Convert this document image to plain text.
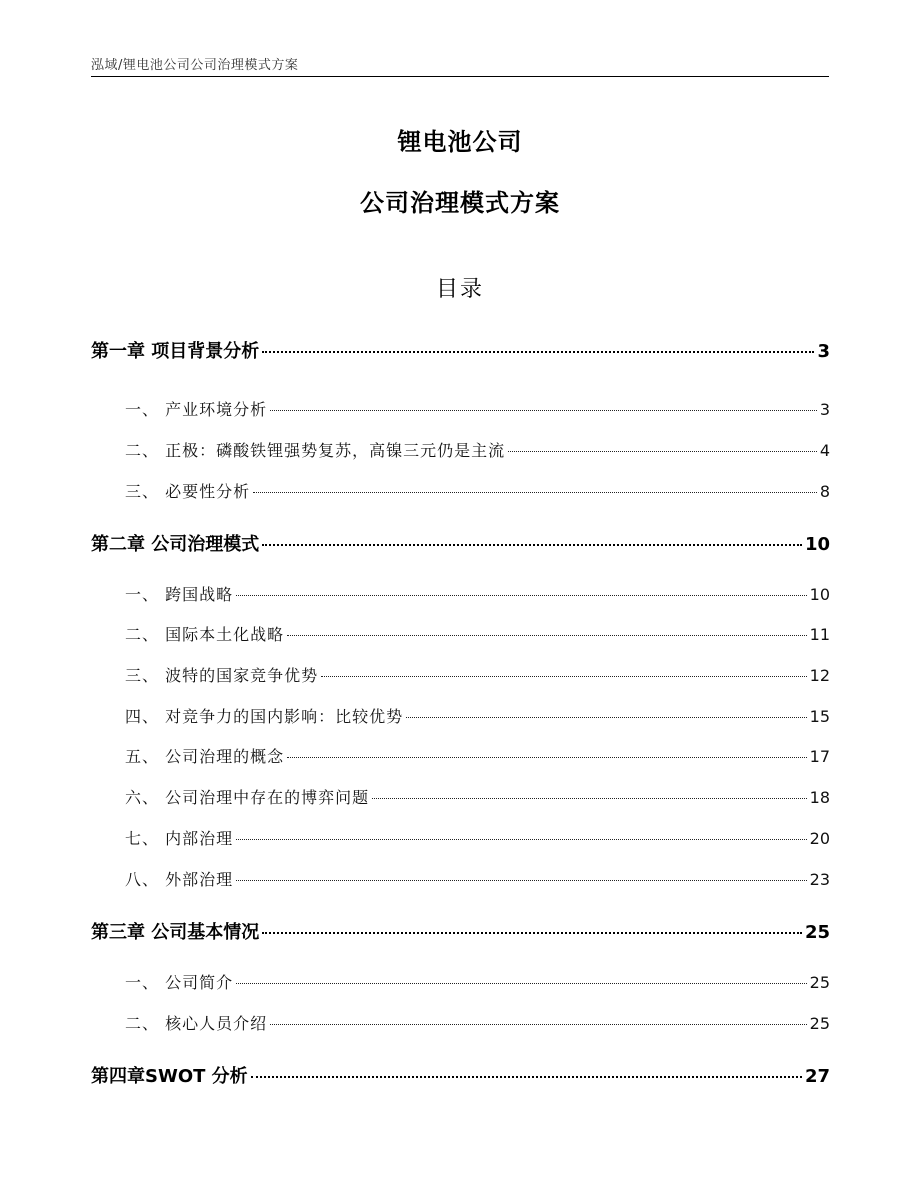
泓域/锂电池公司公司治理模式方案
锂电池公司
公司治理模式方案
目录
第一章 项目背景分析	3
一、 产业环境分析	3
二、 正极：磷酸铁锂强势复苏，高镍三元仍是主流	4
三、 必要性分析	8
第二章 公司治理模式	10
一、 跨国战略	10
二、 国际本土化战略	11
三、 波特的国家竞争优势	12
四、 对竞争力的国内影响：比较优势	15
五、 公司治理的概念	17
六、 公司治理中存在的博弈问题	18
七、 内部治理	20
八、 外部治理	23
第三章 公司基本情况	25
一、 公司简介	25
二、 核心人员介绍	25
第四章SWOT 分析	27
